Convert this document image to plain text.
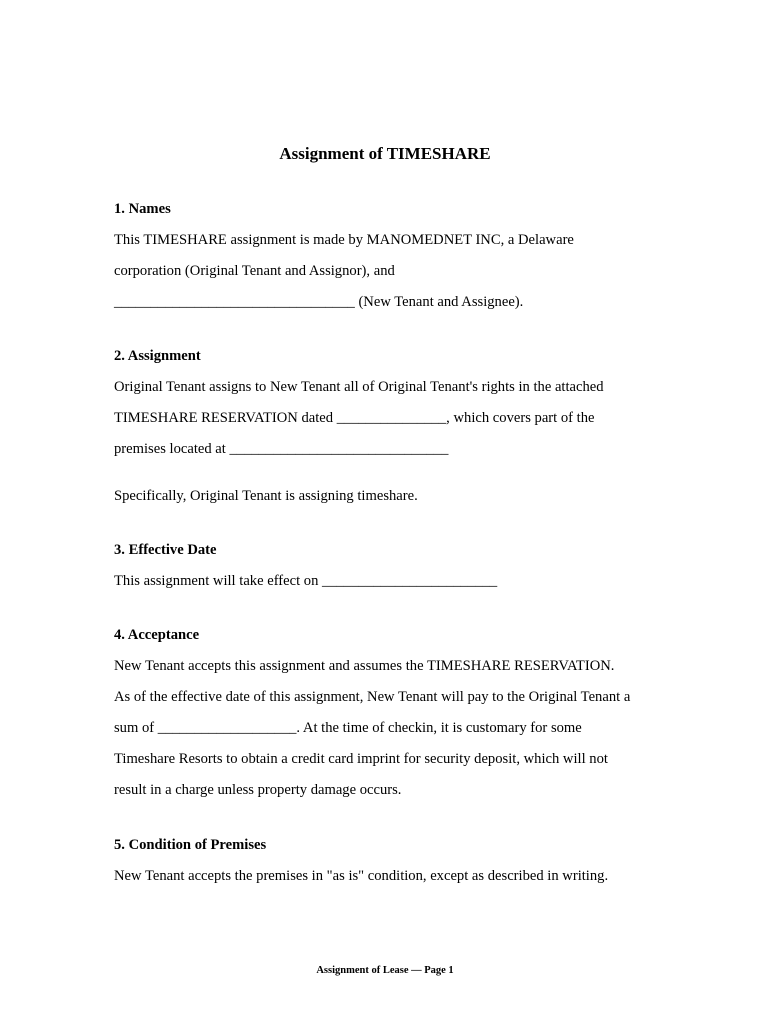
Assignment of TIMESHARE
1. Names
This TIMESHARE assignment is made by MANOMEDNET INC, a Delaware
corporation (Original Tenant and Assignor), and
_________________________________ (New Tenant and Assignee).
2. Assignment
Original Tenant assigns to New Tenant all of Original Tenant's rights in the attached
TIMESHARE RESERVATION dated _______________, which covers part of the
premises located at ______________________________
Specifically, Original Tenant is assigning timeshare.
3. Effective Date
This assignment will take effect on ________________________
4. Acceptance
New Tenant accepts this assignment and assumes the TIMESHARE RESERVATION.
As of the effective date of this assignment, New Tenant will pay to the Original Tenant a
sum of ___________________. At the time of checkin, it is customary for some
Timeshare Resorts to obtain a credit card imprint for security deposit, which will not
result in a charge unless property damage occurs.
5. Condition of Premises
New Tenant accepts the premises in "as is" condition, except as described in writing.
Assignment of Lease — Page 1
